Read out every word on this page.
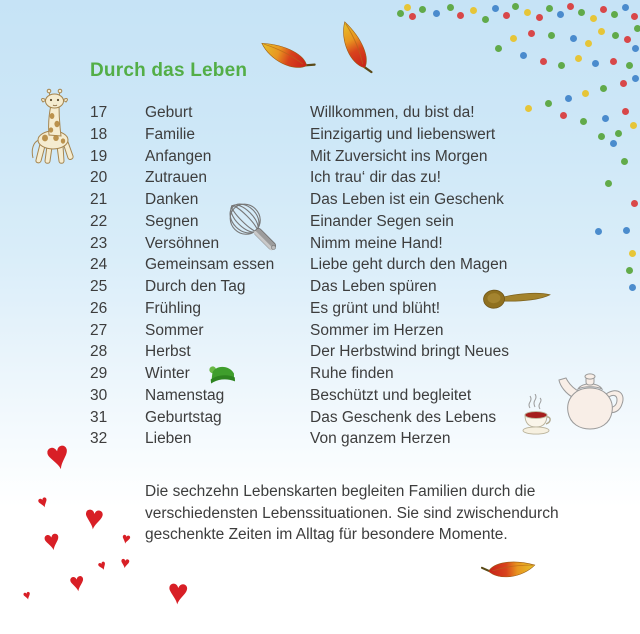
Durch das Leben
17	Geburt	Willkommen, du bist da!
18	Familie	Einzigartig und liebenswert
19	Anfangen	Mit Zuversicht ins Morgen
20	Zutrauen	Ich trau‘ dir das zu!
21	Danken	Das Leben ist ein Geschenk
22	Segnen	Einander Segen sein
23	Versöhnen	Nimm meine Hand!
24	Gemeinsam essen	Liebe geht durch den Magen
25	Durch den Tag	Das Leben spüren
26	Frühling	Es grünt und blüht!
27	Sommer	Sommer im Herzen
28	Herbst	Der Herbstwind bringt Neues
29	Winter	Ruhe finden
30	Namenstag	Beschützt und begleitet
31	Geburtstag	Das Geschenk des Lebens
32	Lieben	Von ganzem Herzen
Die sechzehn Lebenskarten begleiten Familien durch die verschiedensten Lebenssituationen. Sie sind zwischendurch geschenkte Zeiten im Alltag für besondere Momente.
♥
♥ ♥
♥	♥
♥ ♥
♥
♥	♥
